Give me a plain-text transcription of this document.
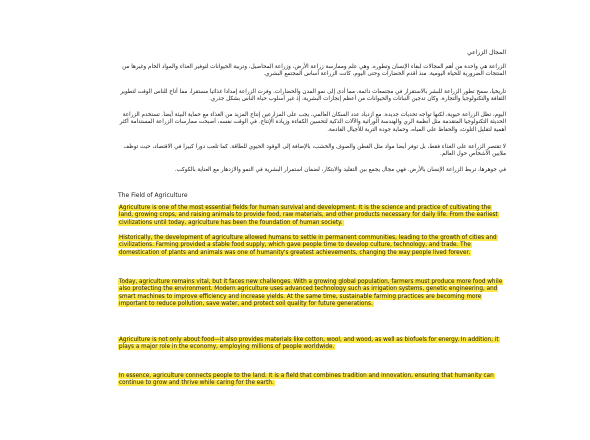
المجال الزراعي
الزراعة هي واحدة من أهم المجالات لبقاء الإنسان وتطوره. وهي علم وممارسة زراعة الأرض، وزراعة المحاصيل، وتربية الحيوانات لتوفير الغذاء والمواد الخام وغيرها من المنتجات الضرورية للحياة اليومية. منذ أقدم الحضارات وحتى اليوم، كانت الزراعة أساس المجتمع البشري.
تاريخيا، سمح تطور الزراعة للبشر بالاستقرار في مجتمعات دائمة، مما أدى إلى نمو المدن والحضارات. وفرت الزراعة إمدادا غذائيا مستقرا، مما أتاح للناس الوقت لتطوير الثقافة والتكنولوجيا والتجارة. وكان تدجين النباتات والحيوانات من أعظم إنجازات البشرية، إذ غير أسلوب حياة الناس بشكل جذري.
اليوم، تظل الزراعة حيوية، لكنها تواجه تحديات جديدة. مع ازدياد عدد السكان العالمي، يجب على المزارعين إنتاج المزيد من الغذاء مع حماية البيئة أيضا. تستخدم الزراعة الحديثة التكنولوجيا المتقدمة مثل أنظمة الري والهندسة الوراثية والآلات الذكية لتحسين الكفاءة وزيادة الإنتاج. في الوقت نفسه، أصبحت ممارسات الزراعة المستدامة أكثر أهمية لتقليل التلوث، والحفاظ على المياه، وحماية جودة التربة للأجيال القادمة.
لا تقتصر الزراعة على الغذاء فقط، بل توفر أيضا مواد مثل القطن والصوف والخشب، بالإضافة إلى الوقود الحيوي للطاقة. كما تلعب دورا كبيرا في الاقتصاد، حيث توظف ملايين الأشخاص حول العالم.
في جوهرها، تربط الزراعة الإنسان بالأرض. فهي مجال يجمع بين التقليد والابتكار، لضمان استمرار البشرية في النمو والازدهار مع العناية بالكوكب.
The Field of Agriculture
Agriculture is one of the most essential fields for human survival and development. It is the science and practice of cultivating the land, growing crops, and raising animals to provide food, raw materials, and other products necessary for daily life. From the earliest civilizations until today, agriculture has been the foundation of human society.
Historically, the development of agriculture allowed humans to settle in permanent communities, leading to the growth of cities and civilizations. Farming provided a stable food supply, which gave people time to develop culture, technology, and trade. The domestication of plants and animals was one of humanity's greatest achievements, changing the way people lived forever.
Today, agriculture remains vital, but it faces new challenges. With a growing global population, farmers must produce more food while also protecting the environment. Modern agriculture uses advanced technology such as irrigation systems, genetic engineering, and smart machines to improve efficiency and increase yields. At the same time, sustainable farming practices are becoming more important to reduce pollution, save water, and protect soil quality for future generations.
Agriculture is not only about food—it also provides materials like cotton, wool, and wood, as well as biofuels for energy. In addition, it plays a major role in the economy, employing millions of people worldwide.
In essence, agriculture connects people to the land. It is a field that combines tradition and innovation, ensuring that humanity can continue to grow and thrive while caring for the earth.
